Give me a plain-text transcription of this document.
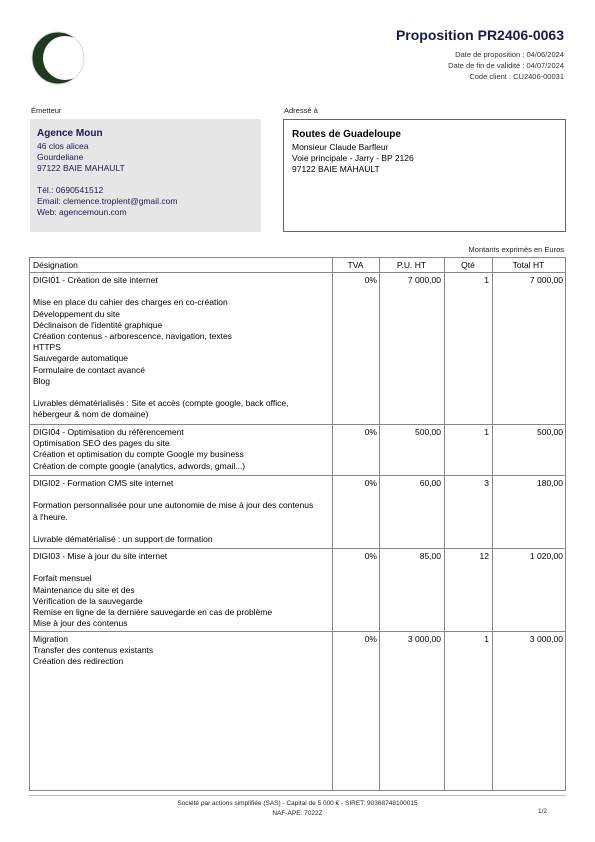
Proposition PR2406-0063
Date de proposition : 04/06/2024
Date de fin de validité : 04/07/2024
Code client : CU2406-00031
Émetteur	Adressé à
Agence Moun
46 clos alicea
Gourdeliane
97122 BAIE MAHAULT
Tél.: 0690541512
Email: clemence.troplent@gmail.com
Web: agencemoun.com
Routes de Guadeloupe
Monsieur Claude Barfleur
Voie principale - Jarry - BP 2126
97122 BAIE MAHAULT
Montants exprimés en Euros
Désignation	TVA	P.U. HT	Qté	Total HT

DIGI01 - Création de site internet

Mise en place du cahier des charges en co-création

Développement du site

Déclinaison de l'identité graphique

Création contenus - arborescence, navigation, textes

HTTPS

Sauvegarde automatique

Formulaire de contact avancé

Blog

Livrables dématérialisés : Site et accès (compte google, back office,

hébergeur & nom de domaine)

0%	7 000,00	1	7 000,00

DIGI04 - Optimisation du référencement

Optimisation SEO des pages du site

Création et optimisation du compte Google my business

Création de compte google (analytics, adwords, gmail...)

0%	500,00	1	500,00

DIGI02 - Formation CMS site internet

Formation personnalisée pour une autonomie de mise à jour des contenus

à l'heure.

Livrable dématérialisé : un support de formation

0%	60,00	3	180,00

DIGI03 - Mise à jour du site internet

Forfait mensuel

Maintenance du site et des

Vérification de la sauvegarde

Remise en ligne de la dernière sauvegarde en cas de problème

Mise à jour des contenus

0%	85,00	12	1 020,00

Migration

Transfer des contenus existants

Création des redirection

0%	3 000,00	1	3 000,00
Société par actions simplifiée (SAS) - Capital de 5 000 € - SIRET: 90368748100015
NAF-APE: 7022Z	1/2
